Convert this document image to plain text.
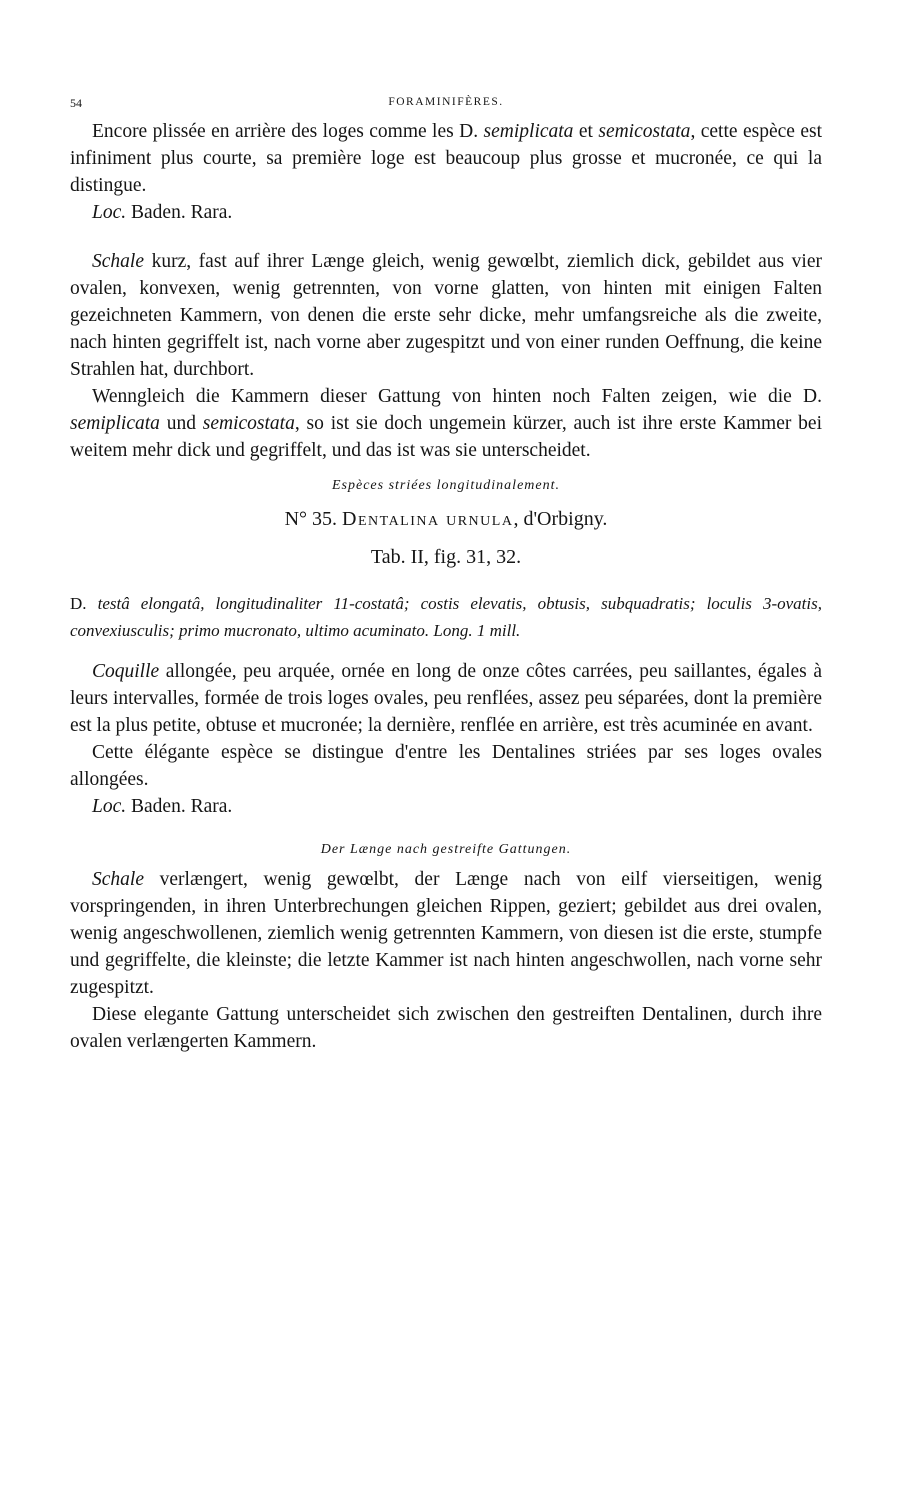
54	FORAMINIFÈRES.

Encore plissée en arrière des loges comme les D. semiplicata et semicostata, cette espèce est infiniment plus courte, sa première loge est beaucoup plus grosse et mucronée, ce qui la distingue.

Loc. Baden. Rara.

Schale kurz, fast auf ihrer Længe gleich, wenig gewœlbt, ziemlich dick, gebildet aus vier ovalen, konvexen, wenig getrennten, von vorne glatten, von hinten mit einigen Falten gezeichneten Kammern, von denen die erste sehr dicke, mehr umfangsreiche als die zweite, nach hinten gegriffelt ist, nach vorne aber zugespitzt und von einer runden Oeffnung, die keine Strahlen hat, durchbort.

Wenngleich die Kammern dieser Gattung von hinten noch Falten zeigen, wie die D. semiplicata und semicostata, so ist sie doch ungemein kürzer, auch ist ihre erste Kammer bei weitem mehr dick und gegriffelt, und das ist was sie unterscheidet.

Espèces striées longitudinalement.
N° 35. Dentalina urnula, d'Orbigny.
Tab. II, fig. 31, 32.

D. testâ elongatâ, longitudinaliter 11-costatâ; costis elevatis, obtusis, subquadratis; loculis 3-ovatis, convexiusculis; primo mucronato, ultimo acuminato. Long. 1 mill.

Coquille allongée, peu arquée, ornée en long de onze côtes carrées, peu saillantes, égales à leurs intervalles, formée de trois loges ovales, peu renflées, assez peu séparées, dont la première est la plus petite, obtuse et mucronée; la dernière, renflée en arrière, est très acuminée en avant.

Cette élégante espèce se distingue d'entre les Dentalines striées par ses loges ovales allongées.

Loc. Baden. Rara.

Der Længe nach gestreifte Gattungen.

Schale verlængert, wenig gewœlbt, der Længe nach von eilf vierseitigen, wenig vorspringenden, in ihren Unterbrechungen gleichen Rippen, geziert; gebildet aus drei ovalen, wenig angeschwollenen, ziemlich wenig getrennten Kammern, von diesen ist die erste, stumpfe und gegriffelte, die kleinste; die letzte Kammer ist nach hinten angeschwollen, nach vorne sehr zugespitzt.

Diese elegante Gattung unterscheidet sich zwischen den gestreiften Dentalinen, durch ihre ovalen verlængerten Kammern.
